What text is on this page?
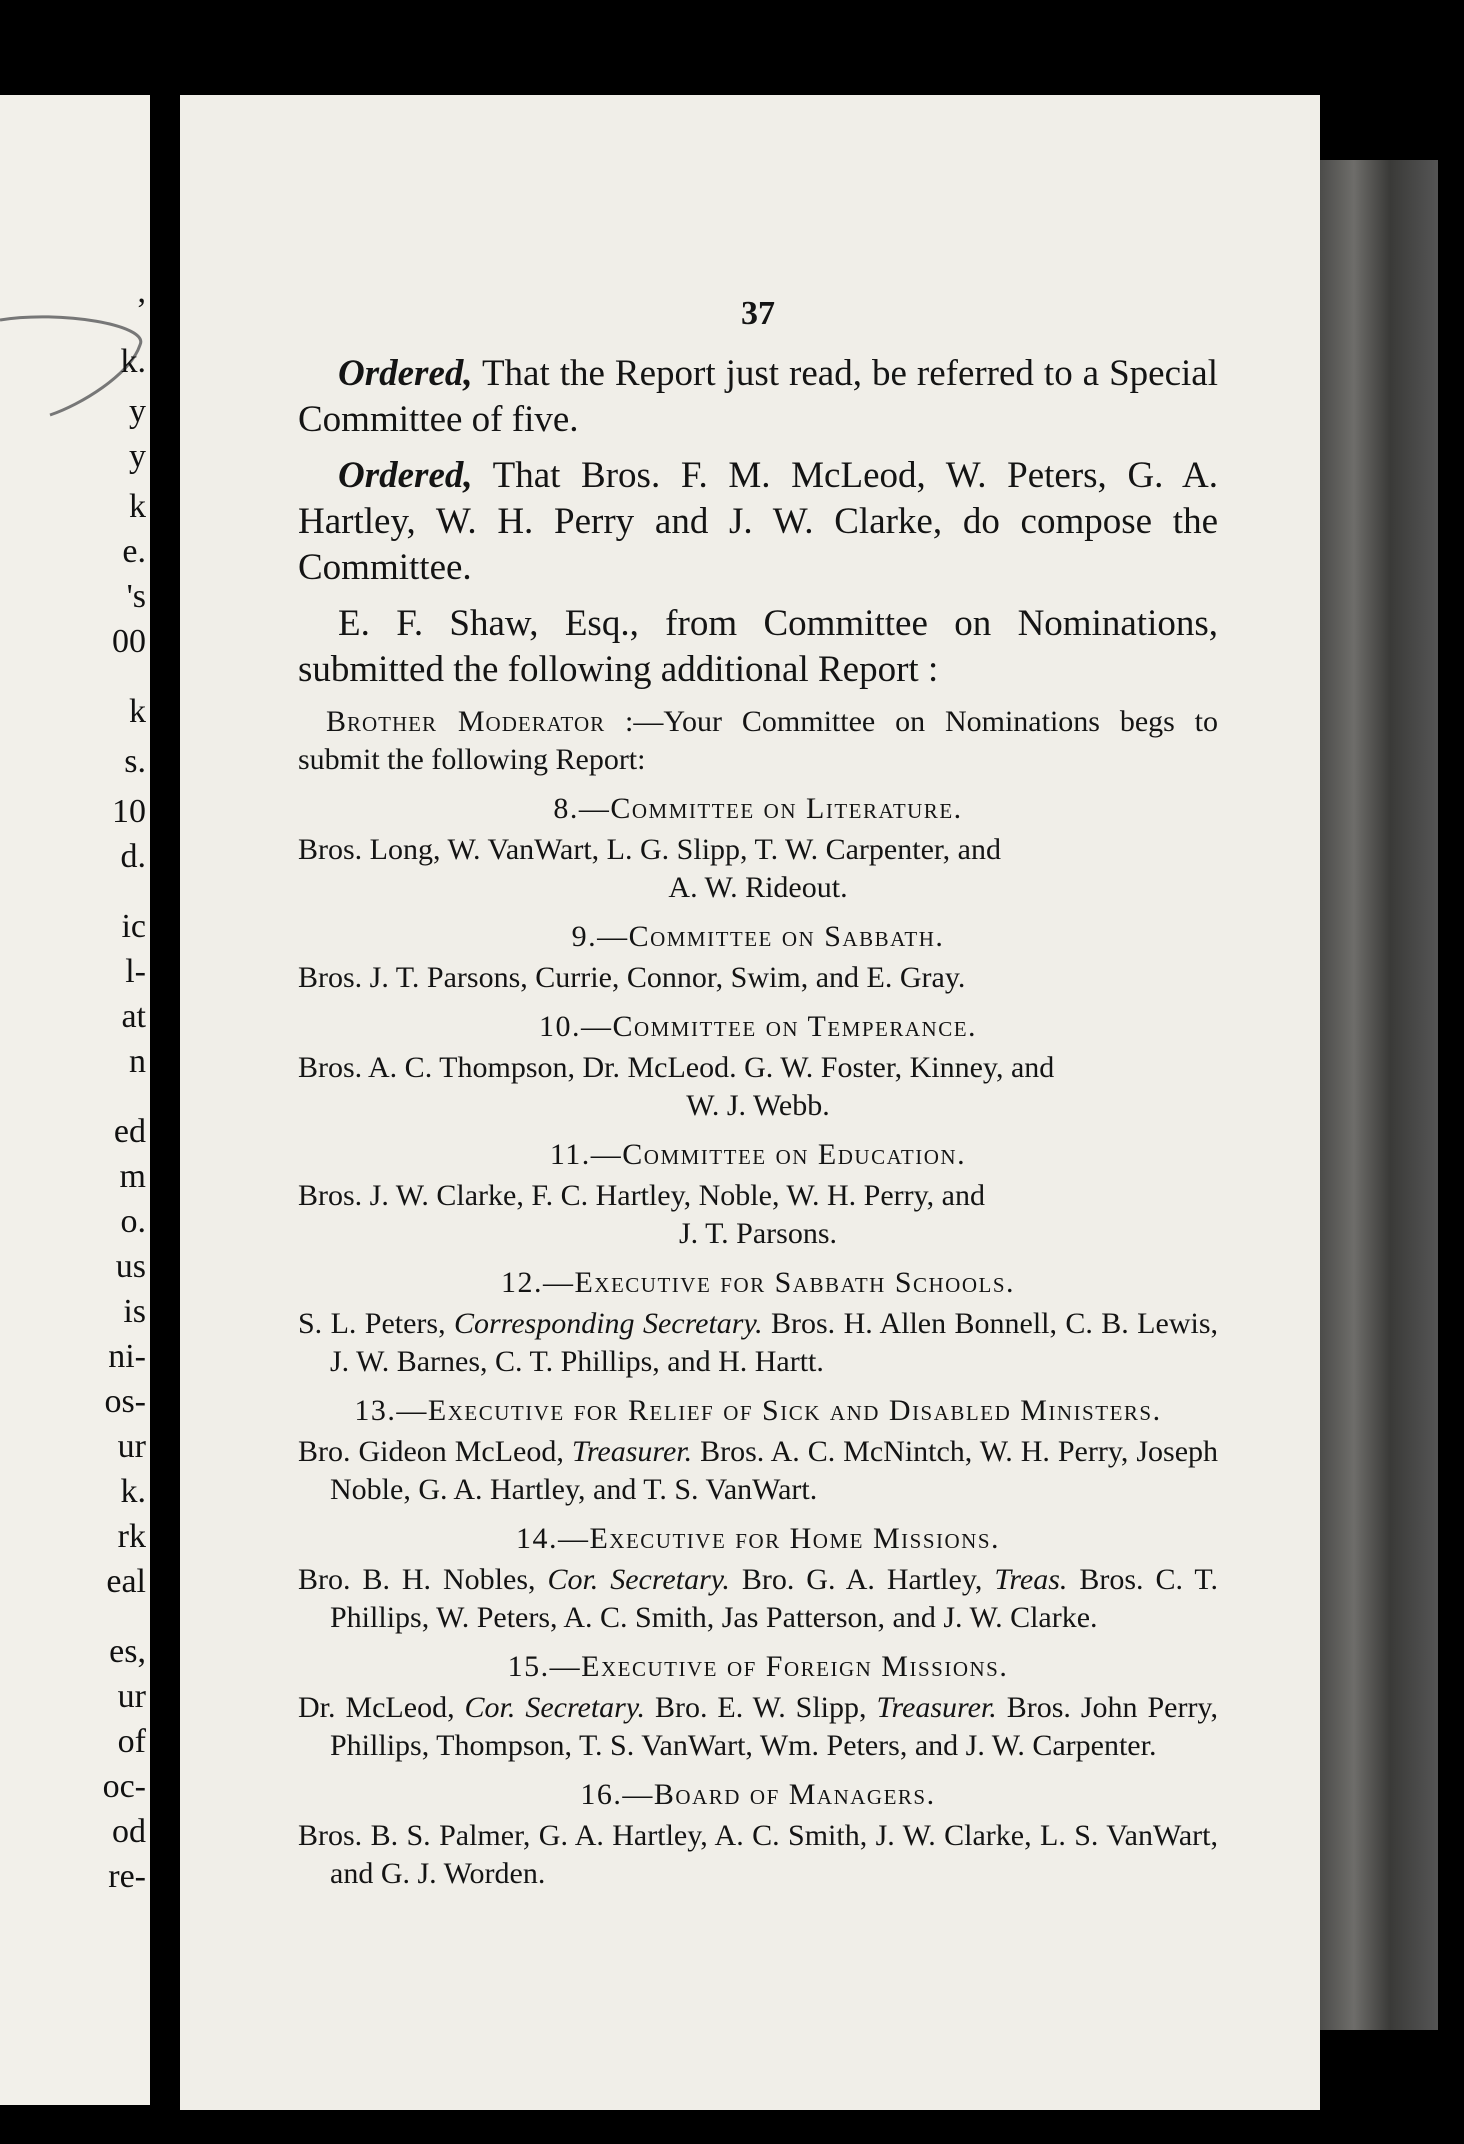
,
k.
y
y
k
e.
's
00
k
s.
10
d.
ic
l-
at
n
ed
m
o.
us
is
ni-
os-
ur
k.
rk
eal
es,
ur
of
oc-
od
re-
37

Ordered, That the Report just read, be referred to a Special Committee of five.

Ordered, That Bros. F. M. McLeod, W. Peters, G. A. Hartley, W. H. Perry and J. W. Clarke, do compose the Committee.

E. F. Shaw, Esq., from Committee on Nominations, submitted the following additional Report :

Brother Moderator :—Your Committee on Nominations begs to submit the following Report:

8.—Committee on Literature.

Bros. Long, W. VanWart, L. G. Slipp, T. W. Carpenter, and

A. W. Rideout.

9.—Committee on Sabbath.

Bros. J. T. Parsons, Currie, Connor, Swim, and E. Gray.

10.—Committee on Temperance.

Bros. A. C. Thompson, Dr. McLeod. G. W. Foster, Kinney, and

W. J. Webb.

11.—Committee on Education.

Bros. J. W. Clarke, F. C. Hartley, Noble, W. H. Perry, and

J. T. Parsons.

12.—Executive for Sabbath Schools.

S. L. Peters, Corresponding Secretary. Bros. H. Allen Bonnell, C. B. Lewis, J. W. Barnes, C. T. Phillips, and H. Hartt.

13.—Executive for Relief of Sick and Disabled Ministers.

Bro. Gideon McLeod, Treasurer. Bros. A. C. McNintch, W. H. Perry, Joseph Noble, G. A. Hartley, and T. S. VanWart.

14.—Executive for Home Missions.

Bro. B. H. Nobles, Cor. Secretary. Bro. G. A. Hartley, Treas. Bros. C. T. Phillips, W. Peters, A. C. Smith, Jas Patterson, and J. W. Clarke.

15.—Executive of Foreign Missions.

Dr. McLeod, Cor. Secretary. Bro. E. W. Slipp, Treasurer. Bros. John Perry, Phillips, Thompson, T. S. VanWart, Wm. Peters, and J. W. Carpenter.

16.—Board of Managers.

Bros. B. S. Palmer, G. A. Hartley, A. C. Smith, J. W. Clarke, L. S. VanWart, and G. J. Worden.
